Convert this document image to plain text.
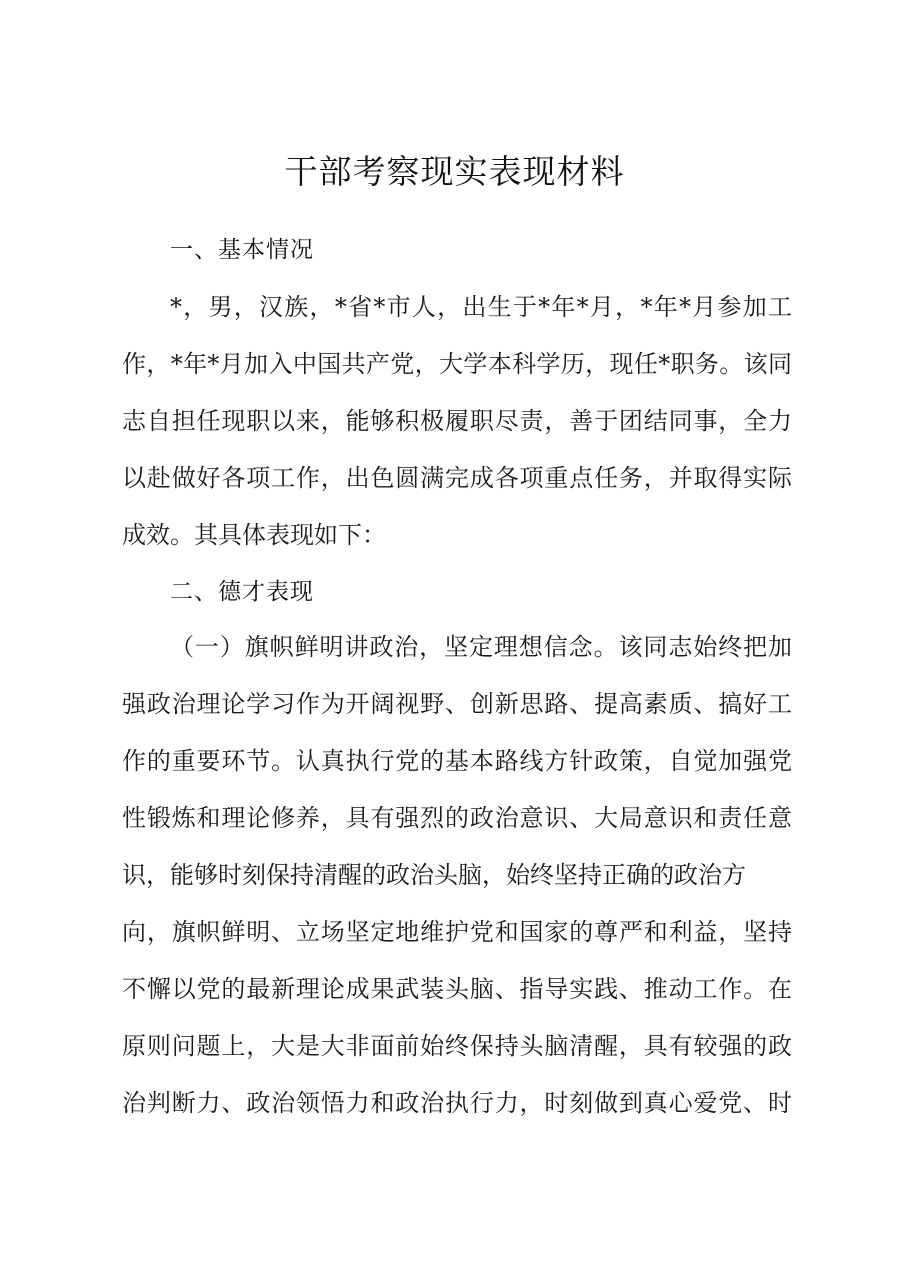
干部考察现实表现材料
一、基本情况
*，男，汉族，*省*市人，出生于*年*月，*年*月参加工
作，*年*月加入中国共产党，大学本科学历，现任*职务。该同
志自担任现职以来，能够积极履职尽责，善于团结同事，全力
以赴做好各项工作，出色圆满完成各项重点任务，并取得实际
成效。其具体表现如下：
二、德才表现
（一）旗帜鲜明讲政治，坚定理想信念。该同志始终把加
强政治理论学习作为开阔视野、创新思路、提高素质、搞好工
作的重要环节。认真执行党的基本路线方针政策，自觉加强党
性锻炼和理论修养，具有强烈的政治意识、大局意识和责任意
识，能够时刻保持清醒的政治头脑，始终坚持正确的政治方
向，旗帜鲜明、立场坚定地维护党和国家的尊严和利益，坚持
不懈以党的最新理论成果武装头脑、指导实践、推动工作。在
原则问题上，大是大非面前始终保持头脑清醒，具有较强的政
治判断力、政治领悟力和政治执行力，时刻做到真心爱党、时
